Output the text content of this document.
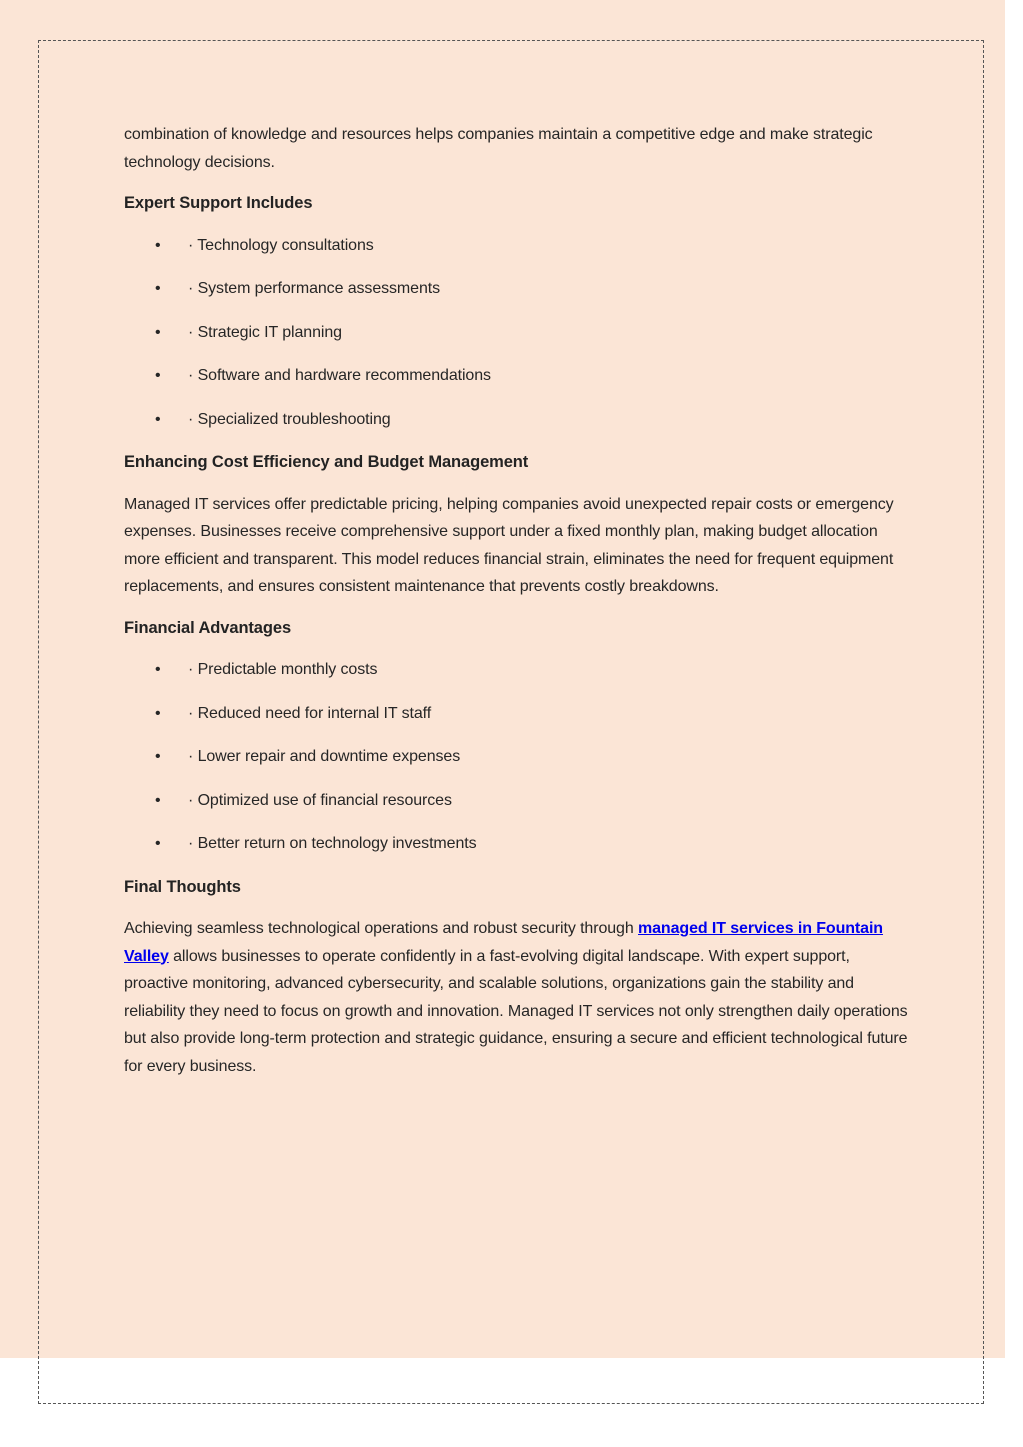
combination of knowledge and resources helps companies maintain a competitive edge and make strategic technology decisions.

Expert Support Includes
•	· Technology consultations
•	· System performance assessments
•	· Strategic IT planning
•	· Software and hardware recommendations
•	· Specialized troubleshooting
Enhancing Cost Efficiency and Budget Management

Managed IT services offer predictable pricing, helping companies avoid unexpected repair costs or emergency expenses. Businesses receive comprehensive support under a fixed monthly plan, making budget allocation more efficient and transparent. This model reduces financial strain, eliminates the need for frequent equipment replacements, and ensures consistent maintenance that prevents costly breakdowns.

Financial Advantages
•	· Predictable monthly costs
•	· Reduced need for internal IT staff
•	· Lower repair and downtime expenses
•	· Optimized use of financial resources
•	· Better return on technology investments
Final Thoughts

Achieving seamless technological operations and robust security through managed IT services in Fountain Valley allows businesses to operate confidently in a fast-evolving digital landscape. With expert support, proactive monitoring, advanced cybersecurity, and scalable solutions, organizations gain the stability and reliability they need to focus on growth and innovation. Managed IT services not only strengthen daily operations but also provide long-term protection and strategic guidance, ensuring a secure and efficient technological future for every business.
